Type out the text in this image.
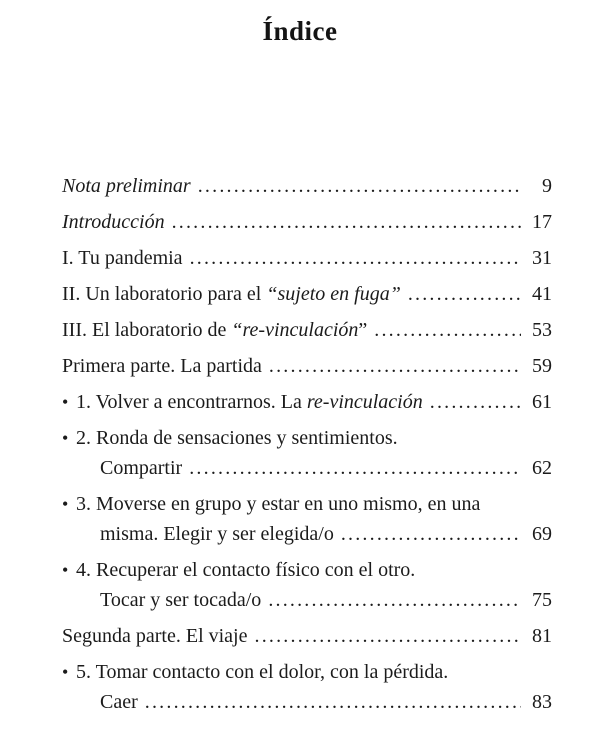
Índice
Nota preliminar .....	9
Introducción .....	17
I. Tu pandemia .....	31
II. Un laboratorio para el “sujeto en fuga” .....	41
III. El laboratorio de “re-vinculación” .....	53
Primera parte. La partida .....	59
•1. Volver a encontrarnos. La re-vinculación .....	61
•2. Ronda de sensaciones y sentimientos.
Compartir .....	62
•3. Moverse en grupo y estar en uno mismo, en una
misma. Elegir y ser elegida/o .....	69
•4. Recuperar el contacto físico con el otro.
Tocar y ser tocada/o .....	75
Segunda parte. El viaje .....	81
•5. Tomar contacto con el dolor, con la pérdida.
Caer .....	83
